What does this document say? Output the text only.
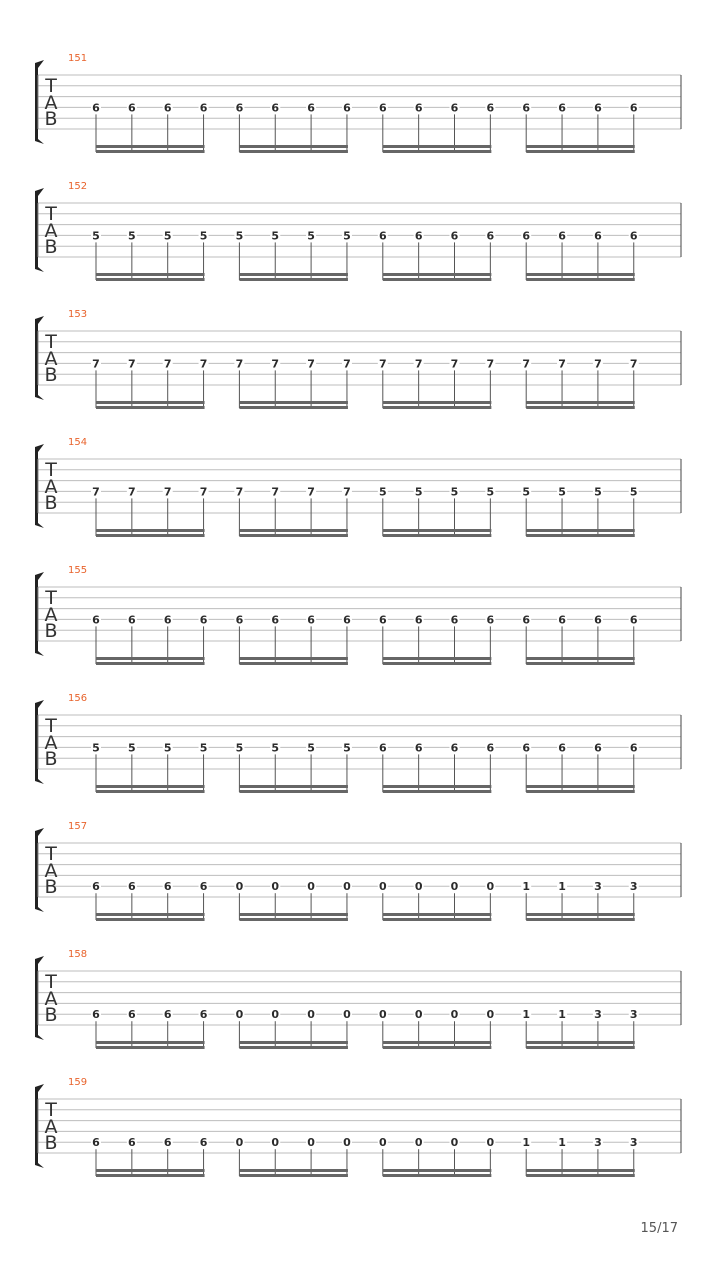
151
T
A
B
6	6	6	6	6	6	6	6	6	6	6	6	6	6	6	6
152
T
A
B
5	5	5	5	5	5	5	5	6	6	6	6	6	6	6	6
153
T
A
B
7	7	7	7	7	7	7	7	7	7	7	7	7	7	7	7
154
T
A
B
7	7	7	7	7	7	7	7	5	5	5	5	5	5	5	5
155
T
A
B
6	6	6	6	6	6	6	6	6	6	6	6	6	6	6	6
156
T
A
B
5	5	5	5	5	5	5	5	6	6	6	6	6	6	6	6
157
T
A
B	6	6	6	6	0	0	0	0	0	0	0	0	1	1	3	3
158
T
A
B	6	6	6	6	0	0	0	0	0	0	0	0	1	1	3	3
159
T
A
B	6	6	6	6	0	0	0	0	0	0	0	0	1	1	3	3
15/17
